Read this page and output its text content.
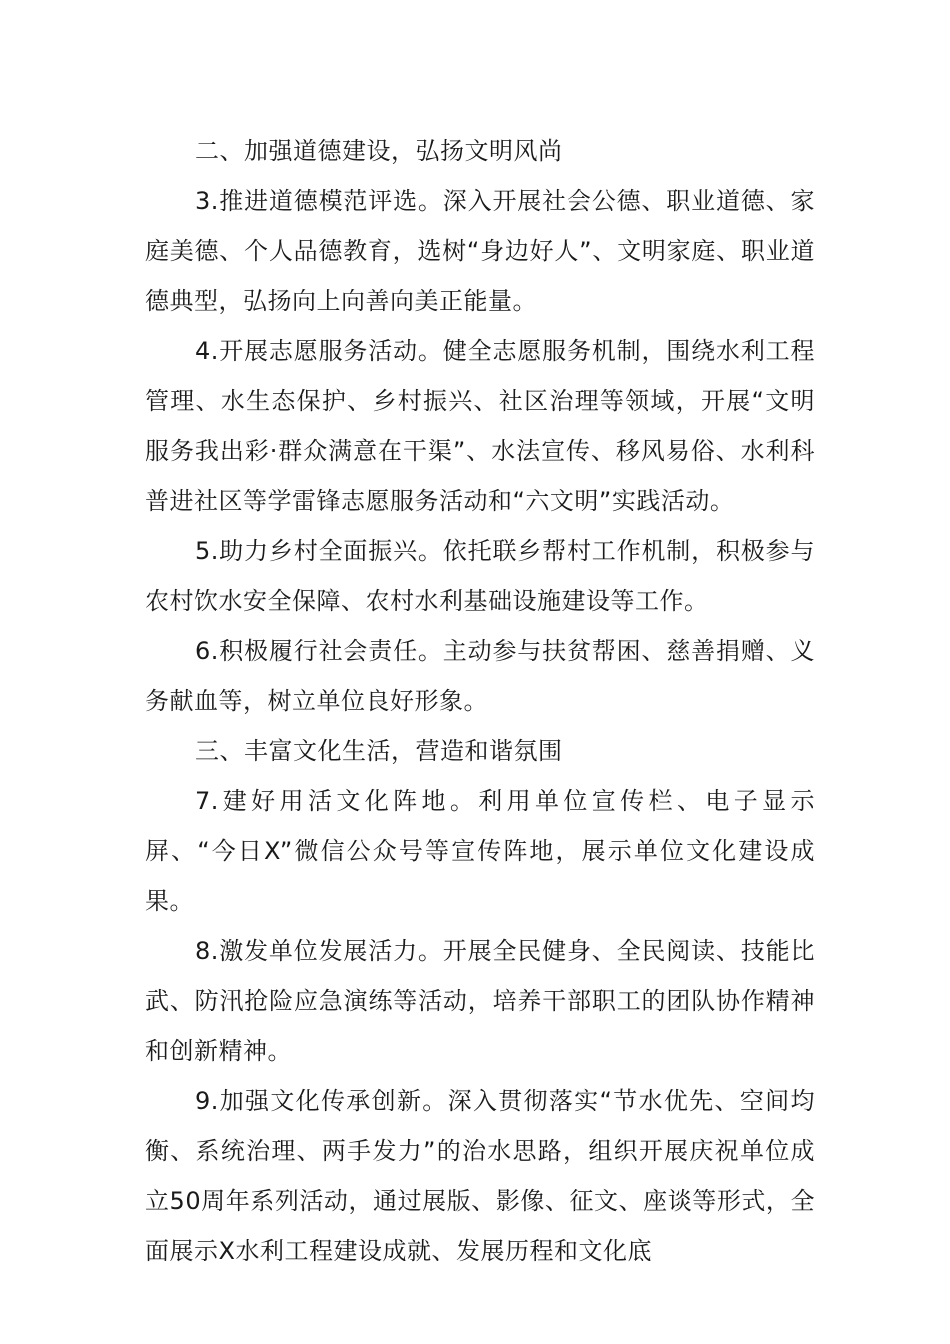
二、加强道德建设，弘扬文明风尚

3.推进道德模范评选。深入开展社会公德、职业道德、家庭美德、个人品德教育，选树“身边好人”、文明家庭、职业道德典型，弘扬向上向善向美正能量。

4.开展志愿服务活动。健全志愿服务机制，围绕水利工程管理、水生态保护、乡村振兴、社区治理等领域，开展“文明服务我出彩·群众满意在干渠”、水法宣传、移风易俗、水利科普进社区等学雷锋志愿服务活动和“六文明”实践活动。

5.助力乡村全面振兴。依托联乡帮村工作机制，积极参与农村饮水安全保障、农村水利基础设施建设等工作。

6.积极履行社会责任。主动参与扶贫帮困、慈善捐赠、义务献血等，树立单位良好形象。

三、丰富文化生活，营造和谐氛围

7.建好用活文化阵地。利用单位宣传栏、电子显示屏、“今日X”微信公众号等宣传阵地，展示单位文化建设成果。

8.激发单位发展活力。开展全民健身、全民阅读、技能比武、防汛抢险应急演练等活动，培养干部职工的团队协作精神和创新精神。

9.加强文化传承创新。深入贯彻落实“节水优先、空间均衡、系统治理、两手发力”的治水思路，组织开展庆祝单位成立50周年系列活动，通过展版、影像、征文、座谈等形式，全面展示X水利工程建设成就、发展历程和文化底
